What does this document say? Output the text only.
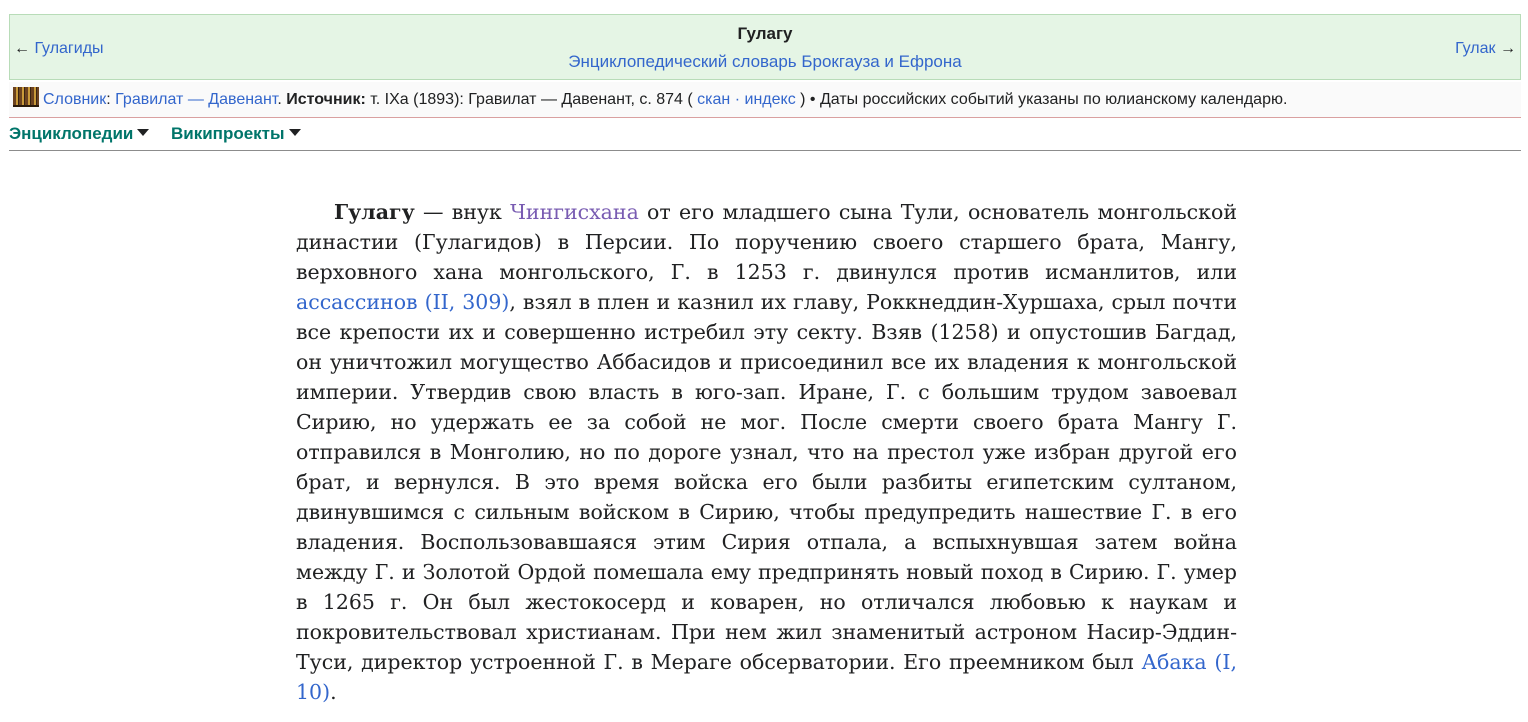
← Гулагиды
Гулагу
Энциклопедический словарь Брокгауза и Ефрона
Гулак →
Словник: Гравилат — Давенант. Источник: т. IXa (1893): Гравилат — Давенант, с. 874 ( скан · индекс ) • Даты российских событий указаны по юлианскому календарю.
Энциклопедии	Википроекты

Гулагу — внук Чингисхана от его младшего сына Тули, основатель монгольской династии (Гулагидов) в Персии. По поручению своего старшего брата, Мангу, верховного хана монгольского, Г. в 1253 г. двинулся против исманлитов, или ассассинов (II, 309), взял в плен и казнил их главу, Роккнеддин-Хуршаха, срыл почти все крепости их и совершенно истребил эту секту. Взяв (1258) и опустошив Багдад, он уничтожил могущество Аббасидов и присоединил все их владения к монгольской империи. Утвердив свою власть в юго-зап. Иране, Г. с большим трудом завоевал Сирию, но удержать ее за собой не мог. После смерти своего брата Мангу Г. отправился в Монголию, но по дороге узнал, что на престол уже избран другой его брат, и вернулся. В это время войска его были разбиты египетским султаном, двинувшимся с сильным войском в Сирию, чтобы предупредить нашествие Г. в его владения. Воспользовавшаяся этим Сирия отпала, а вспыхнувшая затем война между Г. и Золотой Ордой помешала ему предпринять новый поход в Сирию. Г. умер в 1265 г. Он был жестокосерд и коварен, но отличался любовью к наукам и покровительствовал христианам. При нем жил знаменитый астроном Насир-Эддин-Туси, директор устроенной Г. в Мераге обсерватории. Его преемником был Абака (I, 10).
